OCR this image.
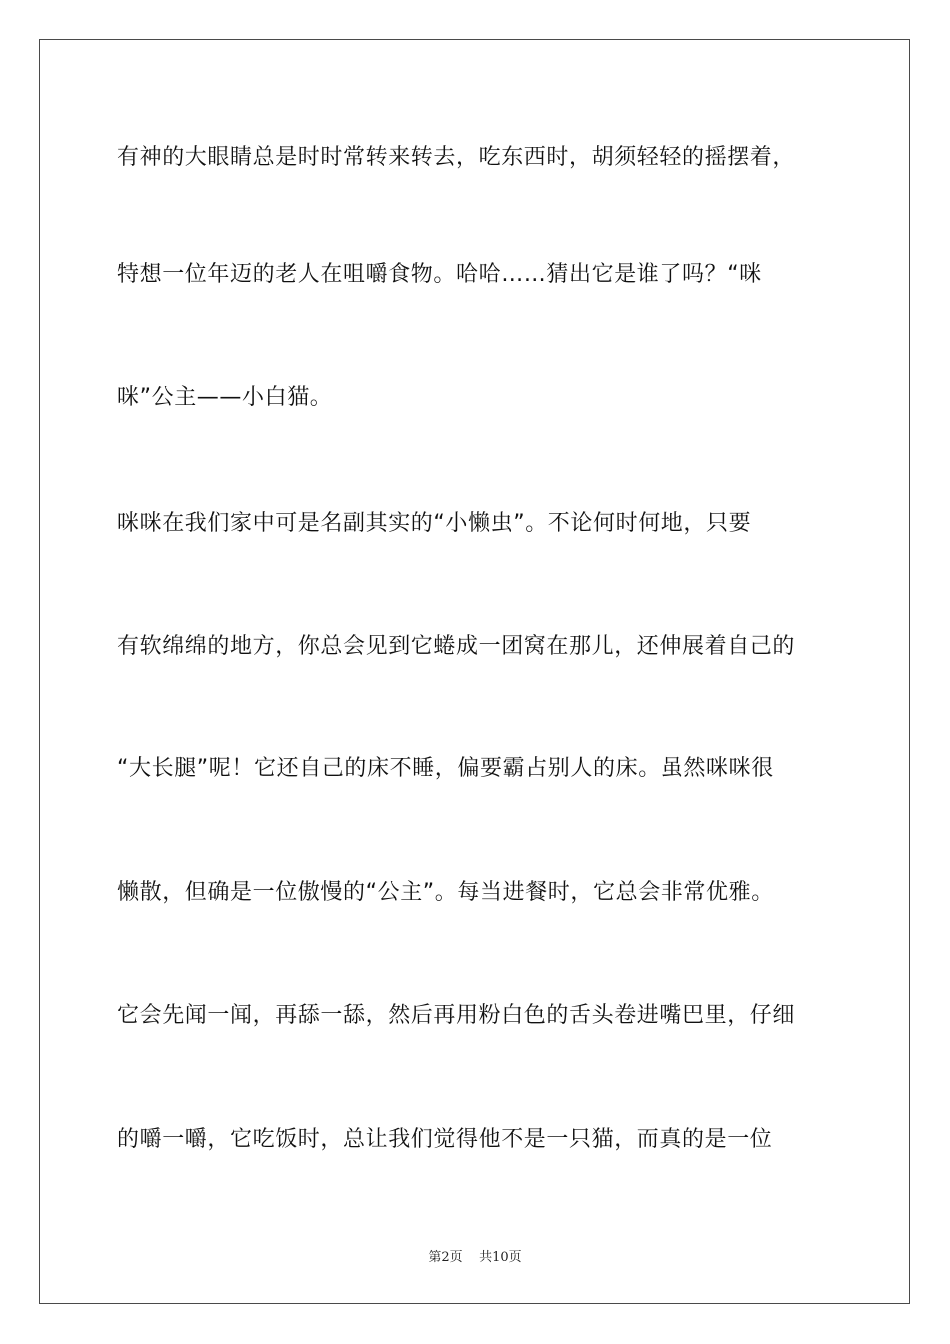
有神的大眼睛总是时时常转来转去，吃东西时，胡须轻轻的摇摆着，
特想一位年迈的老人在咀嚼食物。哈哈……猜出它是谁了吗？“咪
咪”公主——小白猫。
咪咪在我们家中可是名副其实的“小懒虫”。不论何时何地，只要
有软绵绵的地方，你总会见到它蜷成一团窝在那儿，还伸展着自己的
“大长腿”呢！它还自己的床不睡，偏要霸占别人的床。虽然咪咪很
懒散，但确是一位傲慢的“公主”。每当进餐时，它总会非常优雅。
它会先闻一闻，再舔一舔，然后再用粉白色的舌头卷进嘴巴里，仔细
的嚼一嚼，它吃饭时，总让我们觉得他不是一只猫，而真的是一位
第2页 共10页
